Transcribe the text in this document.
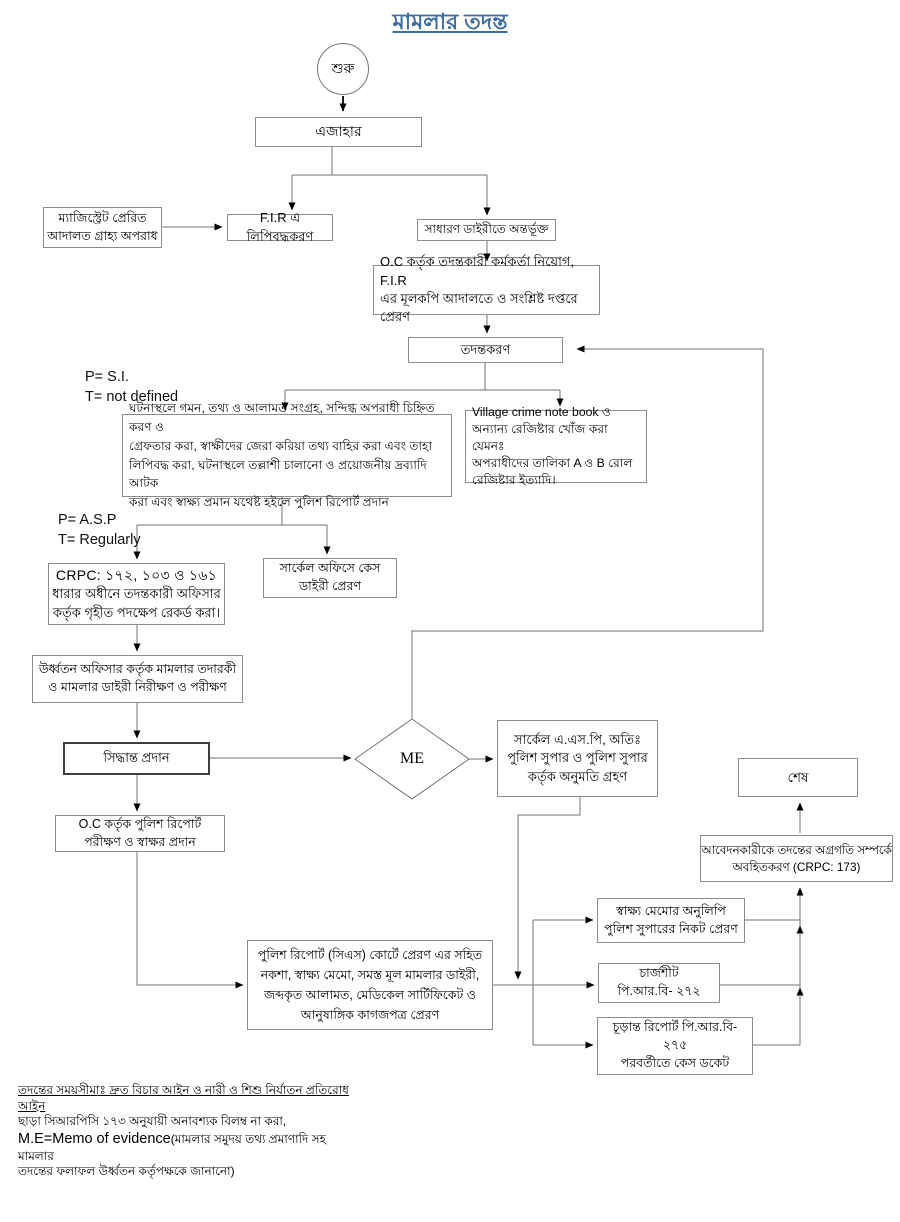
মামলার তদন্ত
শুরু
এজাহার
ম্যাজিস্ট্রেট প্রেরিত
আদালত গ্রাহ্য অপরাধ
F.I.R এ লিপিবদ্ধকরণ	সাধারণ ডাইরীতে অন্তর্ভূক্ত
O.C কর্তৃক তদন্তকারী কর্মকর্তা নিয়োগ, F.I.R
এর মূলকপি আদালতে ও সংশ্লিষ্ট দপ্তরে প্রেরণ
তদন্তকরণ
P= S.I.
T= not defined
ঘটনাস্থলে গমন, তথ্য ও আলামত সংগ্রহ, সন্দিগ্ধ অপরাধী চিহ্নিত করণ ও
গ্রেফতার করা, স্বাক্ষীদের জেরা করিয়া তথ্য বাহির করা এবং তাহা
লিপিবদ্ধ করা, ঘটনাস্থলে তল্লাশী চালানো ও প্রয়োজনীয় দ্রব্যাদি আটক
করা এবং স্বাক্ষ্য প্রমান যথেষ্ট হইলে পুলিশ রিপোর্ট প্রদান
Village crime note book ও
অন্যান্য রেজিষ্টার খোঁজ করা যেমনঃ
অপরাধীদের তালিকা A ও B রোল
রেজিষ্টার ইত্যাদি।
P= A.S.P
T= Regularly
CRPC: ১৭২, ১০৩ ও ১৬১
ধারার অধীনে তদন্তকারী অফিসার
কর্তৃক গৃহীত পদক্ষেপ রেকর্ড করা।
সার্কেল অফিসে কেস
ডাইরী প্রেরণ
উর্ধ্বতন অফিসার কর্তৃক মামলার তদারকী
ও মামলার ডাইরী নিরীক্ষণ ও পরীক্ষণ
সিদ্ধান্ত প্রদান	ME
সার্কেল এ.এস.পি, অতিঃ
পুলিশ সুপার ও পুলিশ সুপার
কর্তৃক অনুমতি গ্রহণ	শেষ
O.C কর্তৃক পুলিশ রিপোর্ট
পরীক্ষণ ও স্বাক্ষর প্রদান
আবেদনকারীকে তদন্তের অগ্রগতি সম্পর্কে
অবহিতকরণ (CRPC: 173)
স্বাক্ষ্য মেমোর অনুলিপি
পুলিশ সুপারের নিকট প্রেরণ
পুলিশ রিপোর্ট (সিএস) কোর্টে প্রেরণ এর সহিত
নকশা, স্বাক্ষ্য মেমো, সমস্ত মূল মামলার ডাইরী,
জব্দকৃত আলামত, মেডিকেল সার্টিফিকেট ও
আনুষাঙ্গিক কাগজপত্র প্রেরণ
চার্জশীট
পি.আর.বি- ২৭২
চূড়ান্ত রিপোর্ট পি.আর.বি-
২৭৫
পরবর্তীতে কেস ডকেট
তদন্তের সময়সীমাঃ দ্রুত বিচার আইন ও নারী ও শিশু নির্যাতন প্রতিরোধ আইন
ছাড়া সিআরপিসি ১৭৩ অনুযায়ী অনাবশ্যক বিলম্ব না করা,
M.E=Memo of evidence(মামলার সমুদয় তথ্য প্রমাণাদি সহ মামলার
তদন্তের ফলাফল উর্ধ্বতন কর্তৃপক্ষকে জানানো)
